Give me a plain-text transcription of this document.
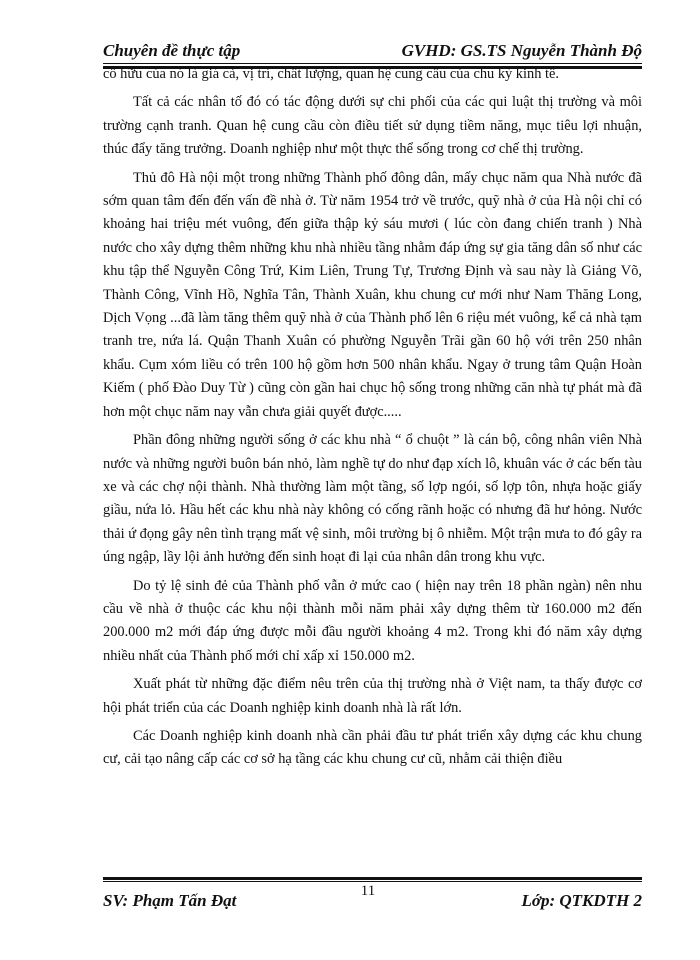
Chuyên đề thực tập	GVHD: GS.TS Nguyễn Thành Độ

cố hữu của nó là giá cả, vị trí, chất lượng, quan hệ cung cầu của chu kỳ kinh tế.

Tất cả các nhân tố đó có tác động dưới sự chi phối của các qui luật thị trường và môi trường cạnh tranh. Quan hệ cung cầu còn điều tiết sử dụng tiềm năng, mục tiêu lợi nhuận, thúc đẩy tăng trưởng. Doanh nghiệp như một thực thể sống trong cơ chế thị trường.

Thủ đô Hà nội một trong những Thành phố đông dân, mấy chục năm qua Nhà nước đã sớm quan tâm đến đến vấn đề nhà ở. Từ năm 1954 trở về trước, quỹ nhà ở của Hà nội chỉ có khoảng hai triệu mét vuông, đến giữa thập kỷ sáu mươi ( lúc còn đang chiến tranh ) Nhà nước cho xây dựng thêm những khu nhà nhiều tầng nhằm đáp ứng sự gia tăng dân số như các khu tập thể Nguyễn Công Trứ, Kim Liên, Trung Tự, Trương Định và sau này là Giảng Võ, Thành Công, Vĩnh Hồ, Nghĩa Tân, Thành Xuân, khu chung cư mới như Nam Thăng Long, Dịch Vọng ...đã làm tăng thêm quỹ nhà ở của Thành phố lên 6 riệu mét vuông, kể cả nhà tạm tranh tre, nứa lá. Quận Thanh Xuân có phường Nguyễn Trãi gần 60 hộ với trên 250 nhân khẩu. Cụm xóm liều có trên 100 hộ gồm hơn 500 nhân khẩu. Ngay ở trung tâm Quận Hoàn Kiếm ( phố Đào Duy Từ ) cũng còn gần hai chục hộ sống trong những căn nhà tự phát mà đã hơn một chục năm nay vẫn chưa giải quyết được.....

Phần đông những người sống ở các khu nhà “ ổ chuột ” là cán bộ, công nhân viên Nhà nước và những người buôn bán nhỏ, làm nghề tự do như đạp xích lô, khuân vác ở các bến tàu xe và các chợ nội thành. Nhà thường làm một tầng, số lợp ngói, số lợp tôn, nhựa hoặc giấy giầu, nứa lỏ. Hầu hết các khu nhà này không có cống rãnh hoặc có nhưng đã hư hỏng. Nước thải ứ đọng gây nên tình trạng mất vệ sinh, môi trường bị ô nhiễm. Một trận mưa to đó gây ra úng ngập, lầy lội ảnh hưởng đến sinh hoạt đi lại của nhân dân trong khu vực.

Do tỷ lệ sinh đẻ của Thành phố vẫn ở mức cao ( hiện nay trên 18 phần ngàn) nên nhu cầu về nhà ở thuộc các khu nội thành mỗi năm phải xây dựng thêm từ 160.000 m2 đến 200.000 m2 mới đáp ứng được mỗi đầu người khoảng 4 m2. Trong khi đó năm xây dựng nhiều nhất của Thành phố mới chỉ xấp xỉ 150.000 m2.

Xuất phát từ những đặc điểm nêu trên của thị trường nhà ở Việt nam, ta thấy được cơ hội phát triển của các Doanh nghiệp kinh doanh nhà là rất lớn.

Các Doanh nghiệp kinh doanh nhà cần phải đầu tư phát triển xây dựng các khu chung cư, cải tạo nâng cấp các cơ sở hạ tầng các khu chung cư cũ, nhằm cải thiện điều

SV: Phạm Tấn Đạt	11	Lớp: QTKDTH 2
